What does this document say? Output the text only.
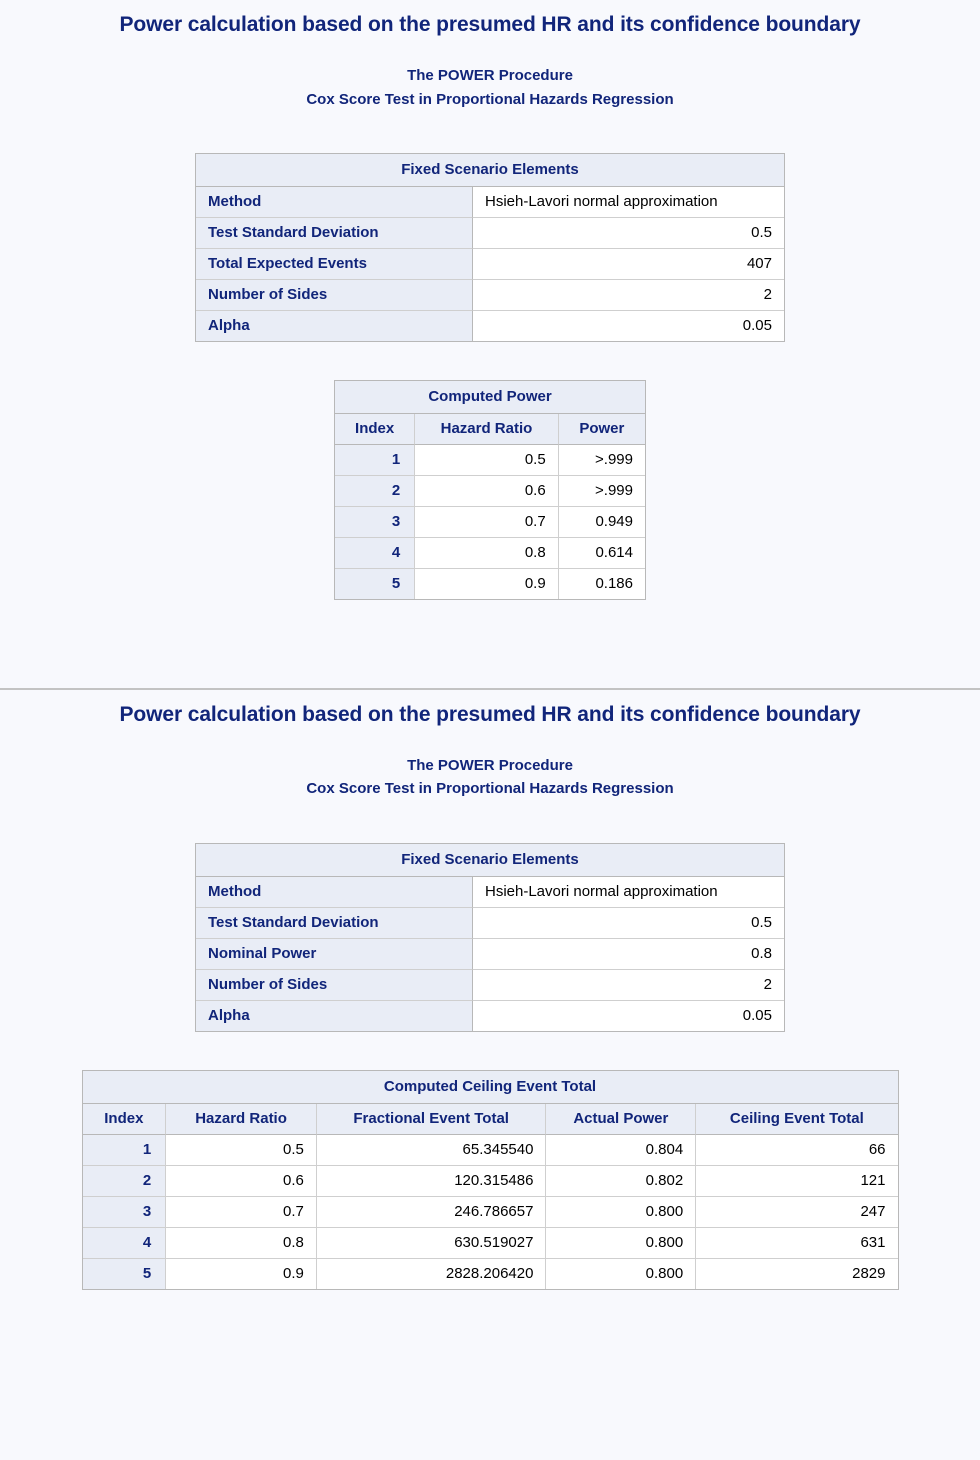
Power calculation based on the presumed HR and its confidence boundary
The POWER Procedure
Cox Score Test in Proportional Hazards Regression
Fixed Scenario Elements	
Method	Hsieh-Lavori normal approximation
Test Standard Deviation	0.5
Total Expected Events	407
Number of Sides	2
Alpha	0.05
Computed Power		
Index	Hazard Ratio	Power
1	0.5	>.999
2	0.6	>.999
3	0.7	0.949
4	0.8	0.614
5	0.9	0.186
Power calculation based on the presumed HR and its confidence boundary
The POWER Procedure
Cox Score Test in Proportional Hazards Regression
Fixed Scenario Elements	
Method	Hsieh-Lavori normal approximation
Test Standard Deviation	0.5
Nominal Power	0.8
Number of Sides	2
Alpha	0.05
Computed Ceiling Event Total				
Index	Hazard Ratio	Fractional Event Total	Actual Power	Ceiling Event Total
1	0.5	65.345540	0.804	66
2	0.6	120.315486	0.802	121
3	0.7	246.786657	0.800	247
4	0.8	630.519027	0.800	631
5	0.9	2828.206420	0.800	2829
